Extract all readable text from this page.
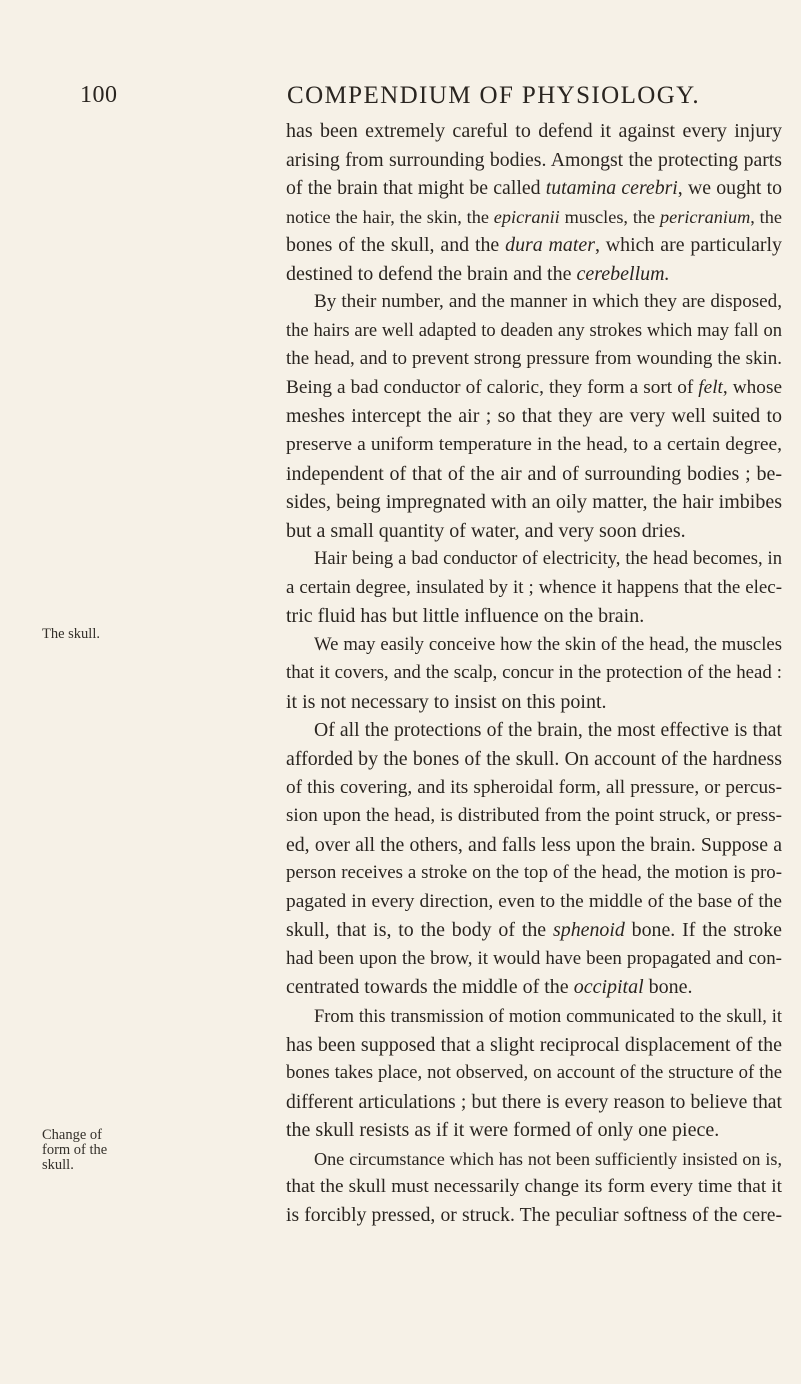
100	COMPENDIUM OF PHYSIOLOGY.
The skull.
Change of
form of the
skull.
has been extremely careful to defend it against every injury
arising from surrounding bodies. Amongst the protecting parts
of the brain that might be called tutamina cerebri, we ought to
notice the hair, the skin, the epicranii muscles, the pericranium, the
bones of the skull, and the dura mater, which are particularly
destined to defend the brain and the cerebellum.
By their number, and the manner in which they are disposed,
the hairs are well adapted to deaden any strokes which may fall on
the head, and to prevent strong pressure from wounding the skin.
Being a bad conductor of caloric, they form a sort of felt, whose
meshes intercept the air ; so that they are very well suited to
preserve a uniform temperature in the head, to a certain degree,
independent of that of the air and of surrounding bodies ; be-
sides, being impregnated with an oily matter, the hair imbibes
but a small quantity of water, and very soon dries.
Hair being a bad conductor of electricity, the head becomes, in
a certain degree, insulated by it ; whence it happens that the elec-
tric fluid has but little influence on the brain.
We may easily conceive how the skin of the head, the muscles
that it covers, and the scalp, concur in the protection of the head :
it is not necessary to insist on this point.
Of all the protections of the brain, the most effective is that
afforded by the bones of the skull. On account of the hardness
of this covering, and its spheroidal form, all pressure, or percus-
sion upon the head, is distributed from the point struck, or press-
ed, over all the others, and falls less upon the brain. Suppose a
person receives a stroke on the top of the head, the motion is pro-
pagated in every direction, even to the middle of the base of the
skull, that is, to the body of the sphenoid bone. If the stroke
had been upon the brow, it would have been propagated and con-
centrated towards the middle of the occipital bone.
From this transmission of motion communicated to the skull, it
has been supposed that a slight reciprocal displacement of the
bones takes place, not observed, on account of the structure of the
different articulations ; but there is every reason to believe that
the skull resists as if it were formed of only one piece.
One circumstance which has not been sufficiently insisted on is,
that the skull must necessarily change its form every time that it
is forcibly pressed, or struck. The peculiar softness of the cere-
